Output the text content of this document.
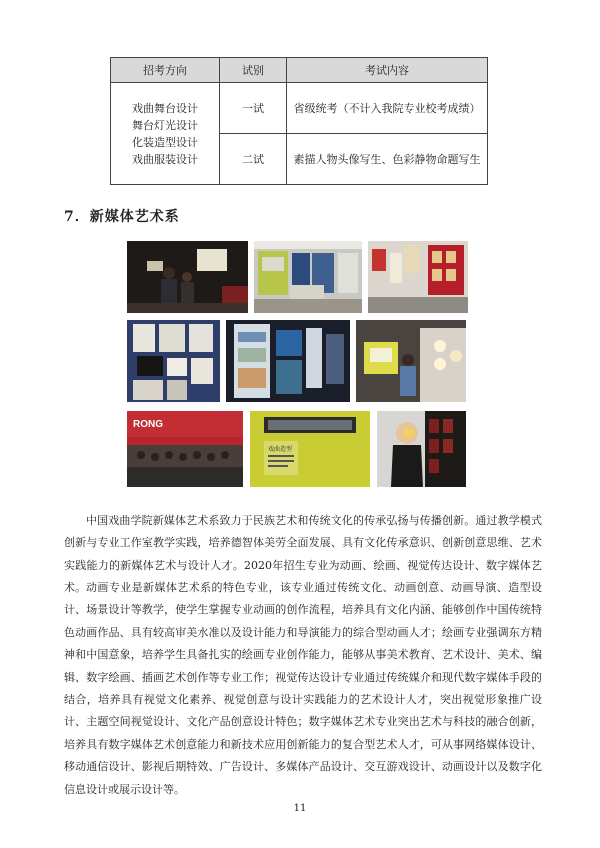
招考方向	试别	考试内容

戏曲舞台设计
舞台灯光设计
化装造型设计
戏曲服装设计	一试	省级统考（不计入我院专业校考成绩）
	二试	素描人物头像写生、色彩静物命题写生
7．新媒体艺术系
RONG
戏曲造型

中国戏曲学院新媒体艺术系致力于民族艺术和传统文化的传承弘扬与传播创新。通过教学模式创新与专业工作室教学实践，培养德智体美劳全面发展、具有文化传承意识、创新创意思维、艺术实践能力的新媒体艺术与设计人才。2020年招生专业为动画、绘画、视觉传达设计、数字媒体艺术。 动画专业是新媒体艺术系的特色专业，该专业通过传统文化、动画创意、动画导演、造型设计、场景设计等教学，使学生掌握专业动画的创作流程，培养具有文化内涵、能够创作中国传统特色动画作品、具有较高审美水准以及设计能力和导演能力的综合型动画人才；绘画专业强调东方精神和中国意象，培养学生具备扎实的绘画专业创作能力，能够从事美术教育、艺术设计、美术、编辑、数字绘画、插画艺术创作等专业工作；视觉传达设计专业通过传统媒介和现代数字媒体手段的结合，培养具有视觉文化素养、视觉创意与设计实践能力的艺术设计人才，突出视觉形象推广设计、主题空间视觉设计、文化产品创意设计特色；数字媒体艺术专业突出艺术与科技的融合创新，培养具有数字媒体艺术创意能力和新技术应用创新能力的复合型艺术人才，可从事网络媒体设计、移动通信设计、影视后期特效、广告设计、多媒体产品设计、交互游戏设计、动画设计以及数字化信息设计或展示设计等。

11
